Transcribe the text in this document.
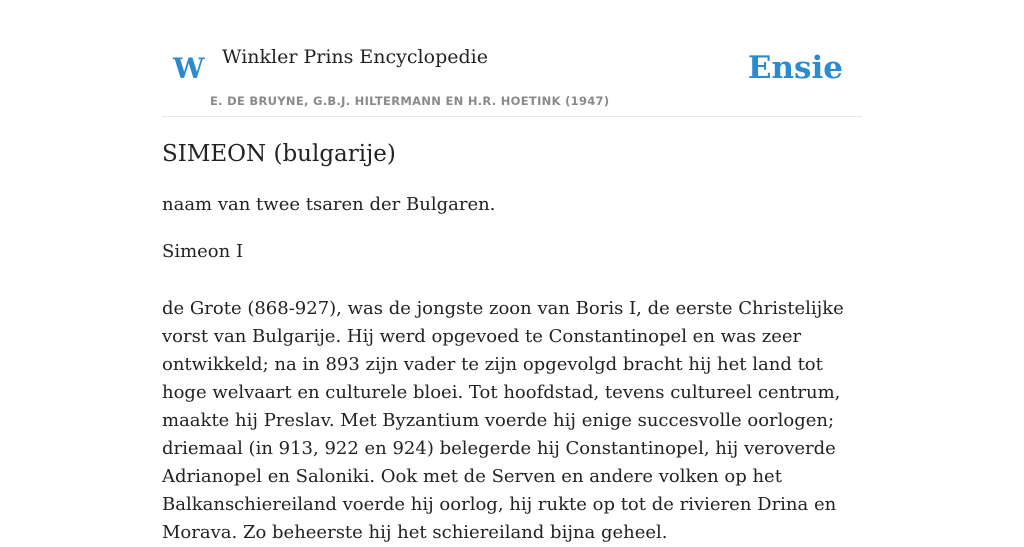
W Winkler Prins Encyclopedie
E. DE BRUYNE, G.B.J. HILTERMANN EN H.R. HOETINK (1947)
Ensie
SIMEON (bulgarije)

naam van twee tsaren der Bulgaren.

Simeon I

de Grote (868-927), was de jongste zoon van Boris I, de eerste Christelijke vorst van Bulgarije. Hij werd opgevoed te Constantinopel en was zeer ontwikkeld; na in 893 zijn vader te zijn opgevolgd bracht hij het land tot hoge welvaart en culturele bloei. Tot hoofdstad, tevens cultureel centrum, maakte hij Preslav. Met Byzantium voerde hij enige succesvolle oorlogen; driemaal (in 913, 922 en 924) belegerde hij Constantinopel, hij veroverde Adrianopel en Saloniki. Ook met de Serven en andere volken op het Balkanschiereiland voerde hij oorlog, hij rukte op tot de rivieren Drina en Morava. Zo beheerste hij het schiereiland bijna geheel.
